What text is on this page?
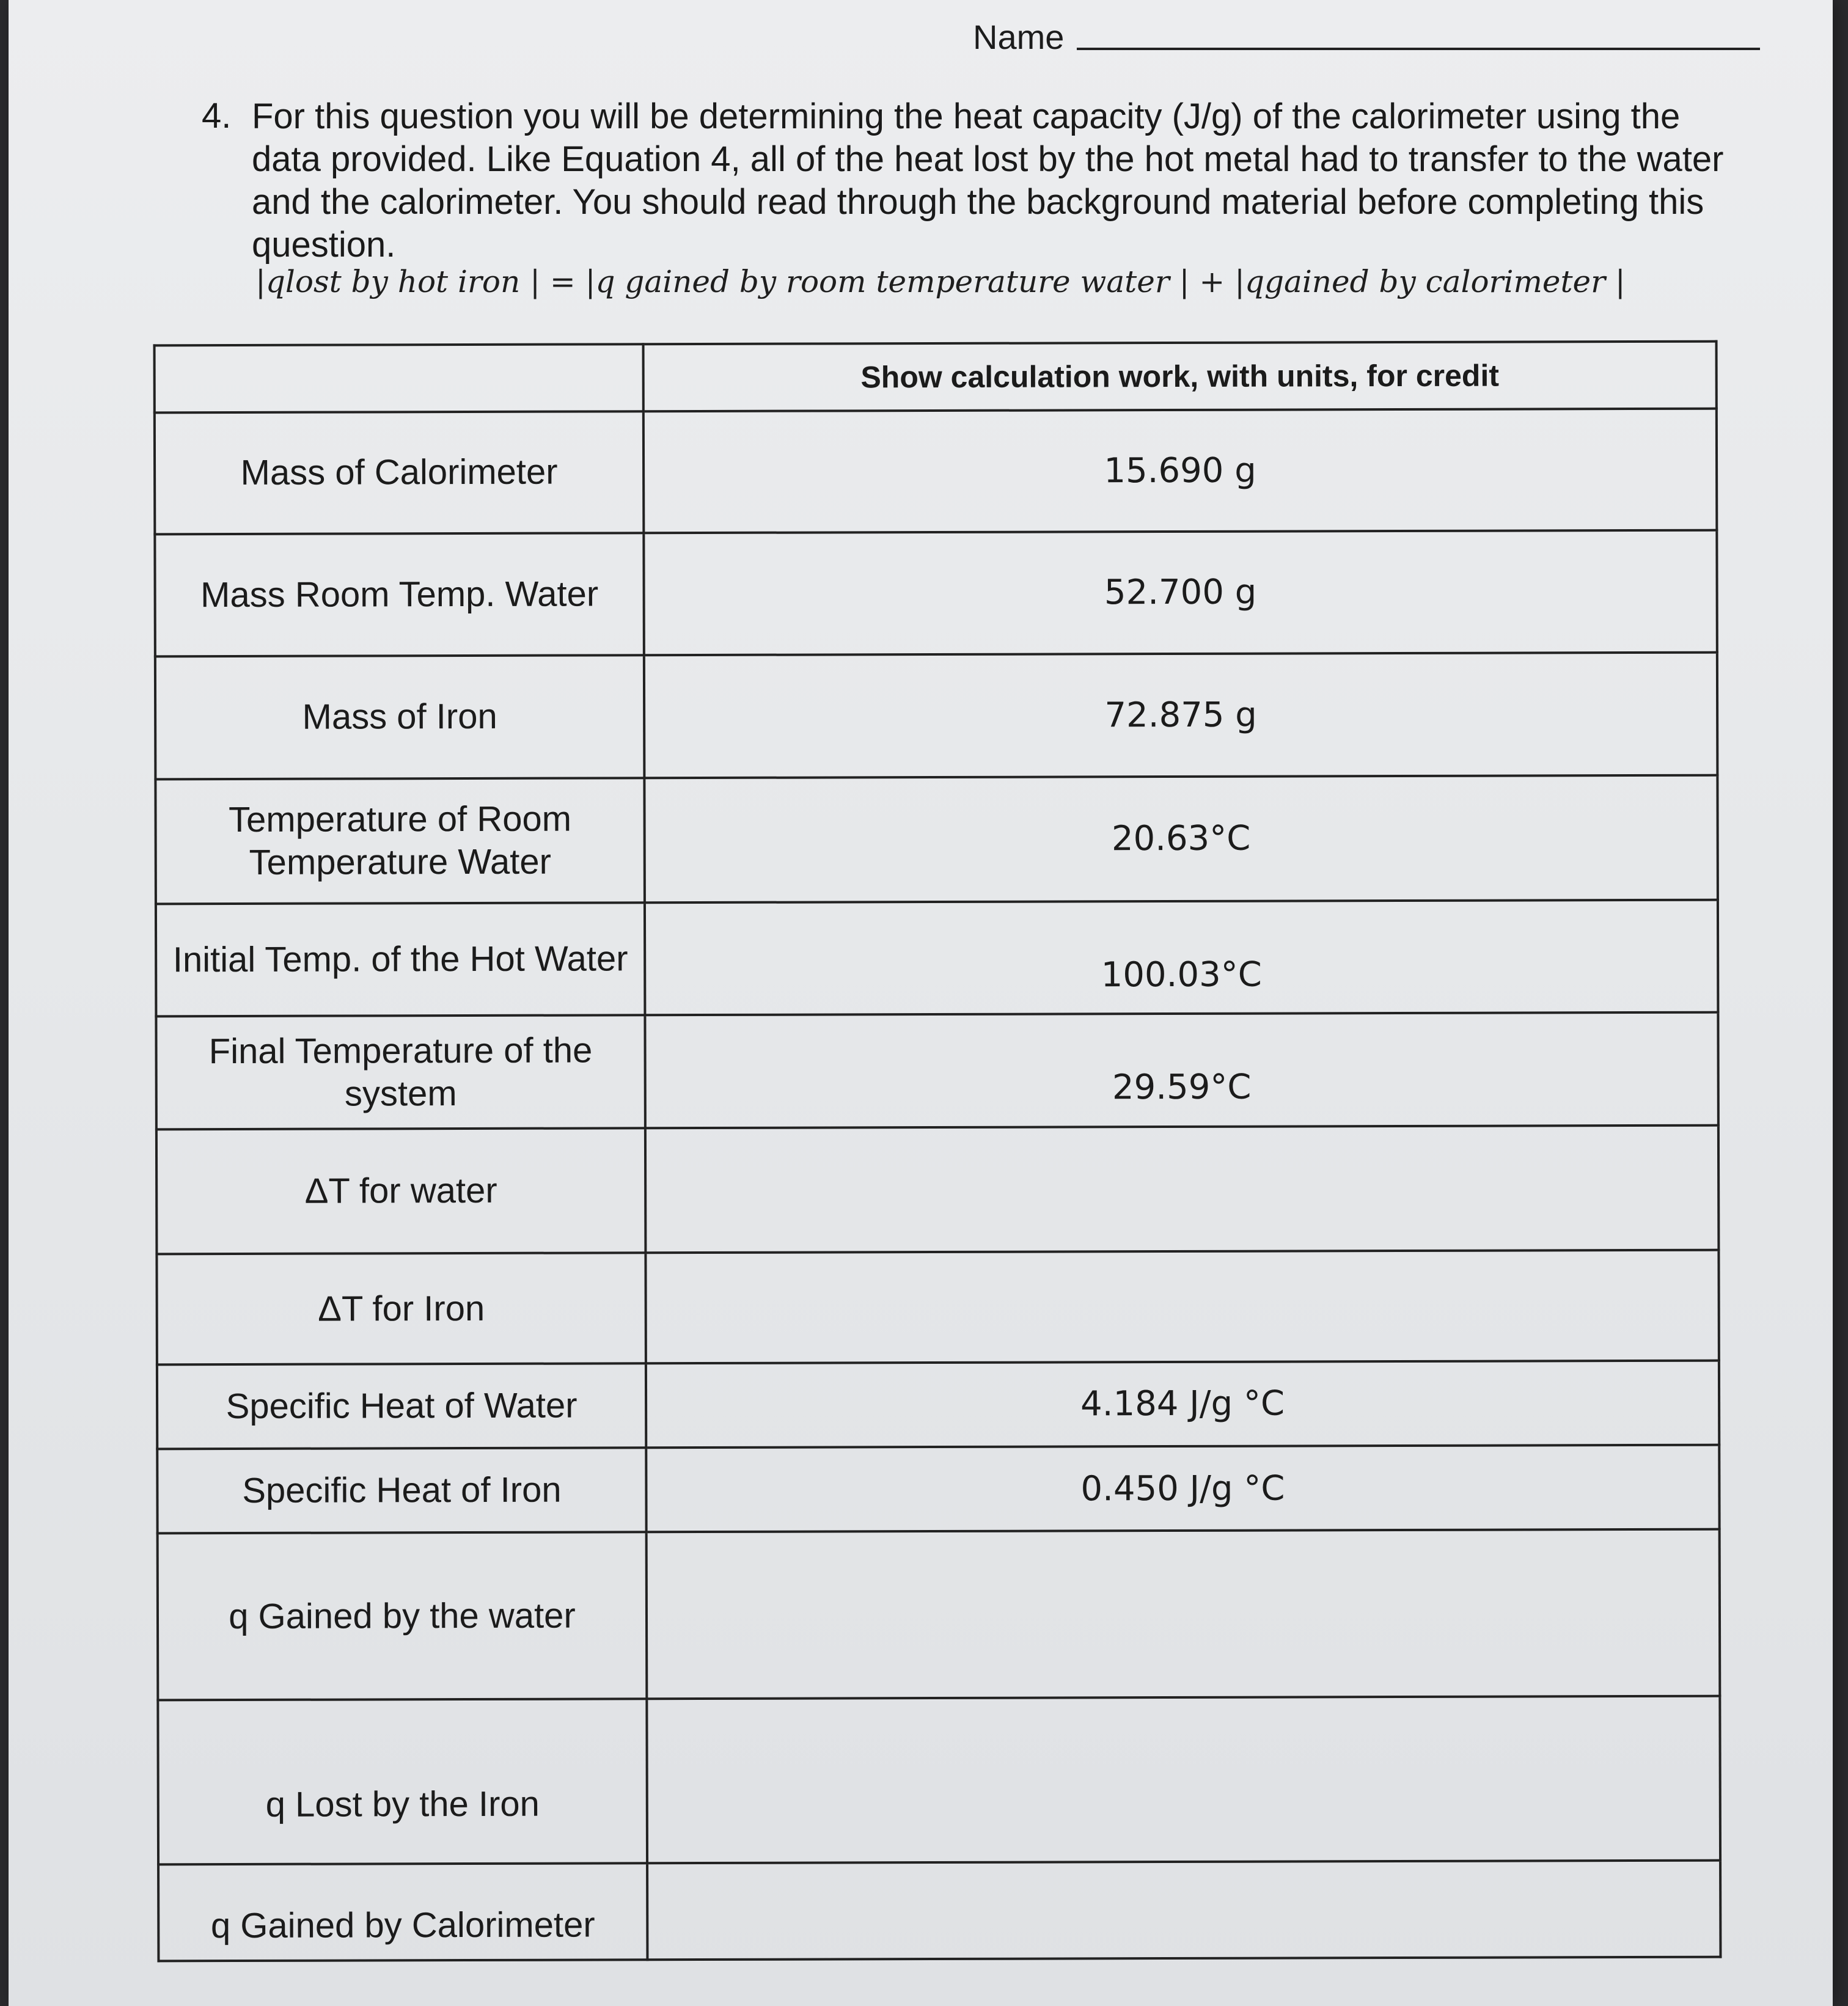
Name
4. For this question you will be determining the heat capacity (J/g) of the calorimeter using the data provided. Like Equation 4, all of the heat lost by the hot metal had to transfer to the water and the calorimeter. You should read through the background material before completing this question.
|qlost by hot iron | = |q gained by room temperature water | + |qgained by calorimeter |
	Show calculation work, with units, for credit
Mass of Calorimeter	15.690 g
Mass Room Temp. Water	52.700 g
Mass of Iron	72.875 g
Temperature of Room Temperature Water	20.63°C
Initial Temp. of the Hot Water	100.03°C
Final Temperature of the system	29.59°C
ΔT for water	
ΔT for Iron	
Specific Heat of Water	4.184 J/g °C
Specific Heat of Iron	0.450 J/g °C
q Gained by the water	
q Lost by the Iron	
q Gained by Calorimeter	
